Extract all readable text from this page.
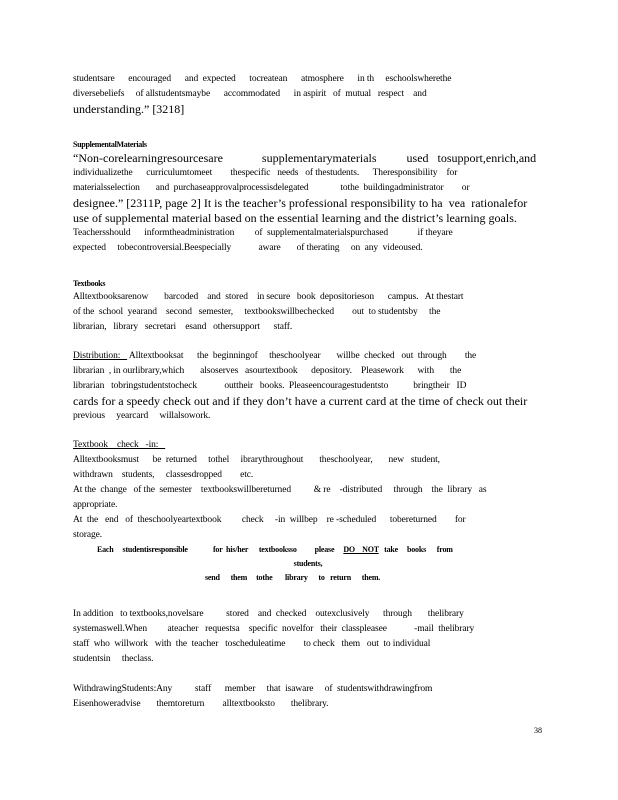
studentsare      encouraged      and  expected      tocreatean      atmosphere      in th     eschoolswherethe

diversebeliefs     of allstudentsmaybe      accommodated      in aspirit   of  mutual   respect    and

understanding.” [3218]

SupplementalMaterials

“Non-corelearningresourcesare             supplementarymaterials          used   tosupport,enrich,and

individualizethe      curriculumtomeet        thespecific   needs   of thestudents.      Theresponsibility    for

materialsselection       and  purchaseapprovalprocessisdelegated              tothe  buildingadministrator        or

designee.” [2311P, page 2] It is the teacher’s professional responsibility to ha  vea  rationalefor

use of supplemental material based on the essential learning and the district’s learning goals.

Teachersshould      informtheadministration         of  supplementalmaterialspurchased             if theyare

expected     tobecontroversial.Beespecially            aware       of therating     on  any  videoused.

Textbooks

Alltextbooksarenow       barcoded    and  stored    in secure   book  depositorieson      campus.   At thestart

of the  school  yearand    second   semester,     textbookswillbechecked        out  to studentsby     the

librarian,   library   secretari    esand   othersupport      staff.

Distribution:    Alltextbooksat      the  beginningof     theschoolyear       willbe  checked   out  through        the

librarian  , in ourlibrary,which       alsoserves   asourtextbook      depository.    Pleasework      with       the

librarian   tobringstudentstocheck            outtheir   books.  Pleaseencouragestudentsto           bringtheir   ID

cards for a speedy check out and if they don’t have a current card at the time of check out their

previous     yearcard     willalsowork.

Textbook    check   -in:

Alltextbooksmust      be  returned     tothel     ibrarythroughout       theschoolyear,       new   student,

withdrawn    students,     classesdropped        etc.

At the  change   of the  semester    textbookswillbereturned          & re    -distributed     through    the  library   as

appropriate.

At  the   end   of  theschoolyeartextbook         check     -in  willbep    re -scheduled      tobereturned        for

storage.

Each     studentisresponsible              for  his/her      textbooksso          please     DO    NOT   take     books      from

students,

send      them     tothe       library      to   return      them.

In addition   to textbooks,novelsare          stored    and  checked    outexclusively      through       thelibrary

systemaswell.When         ateacher   requestsa    specific  novelfor   their  classpleasee            -mail  thelibrary

staff  who  willwork   with  the  teacher   toscheduleatime        to check   them   out  to individual

studentsin     theclass.

WithdrawingStudents:Any          staff      member     that  isaware     of  studentswithdrawingfrom

Eisenhoweradvise       themtoreturn        alltextbooksto       thelibrary.

38
